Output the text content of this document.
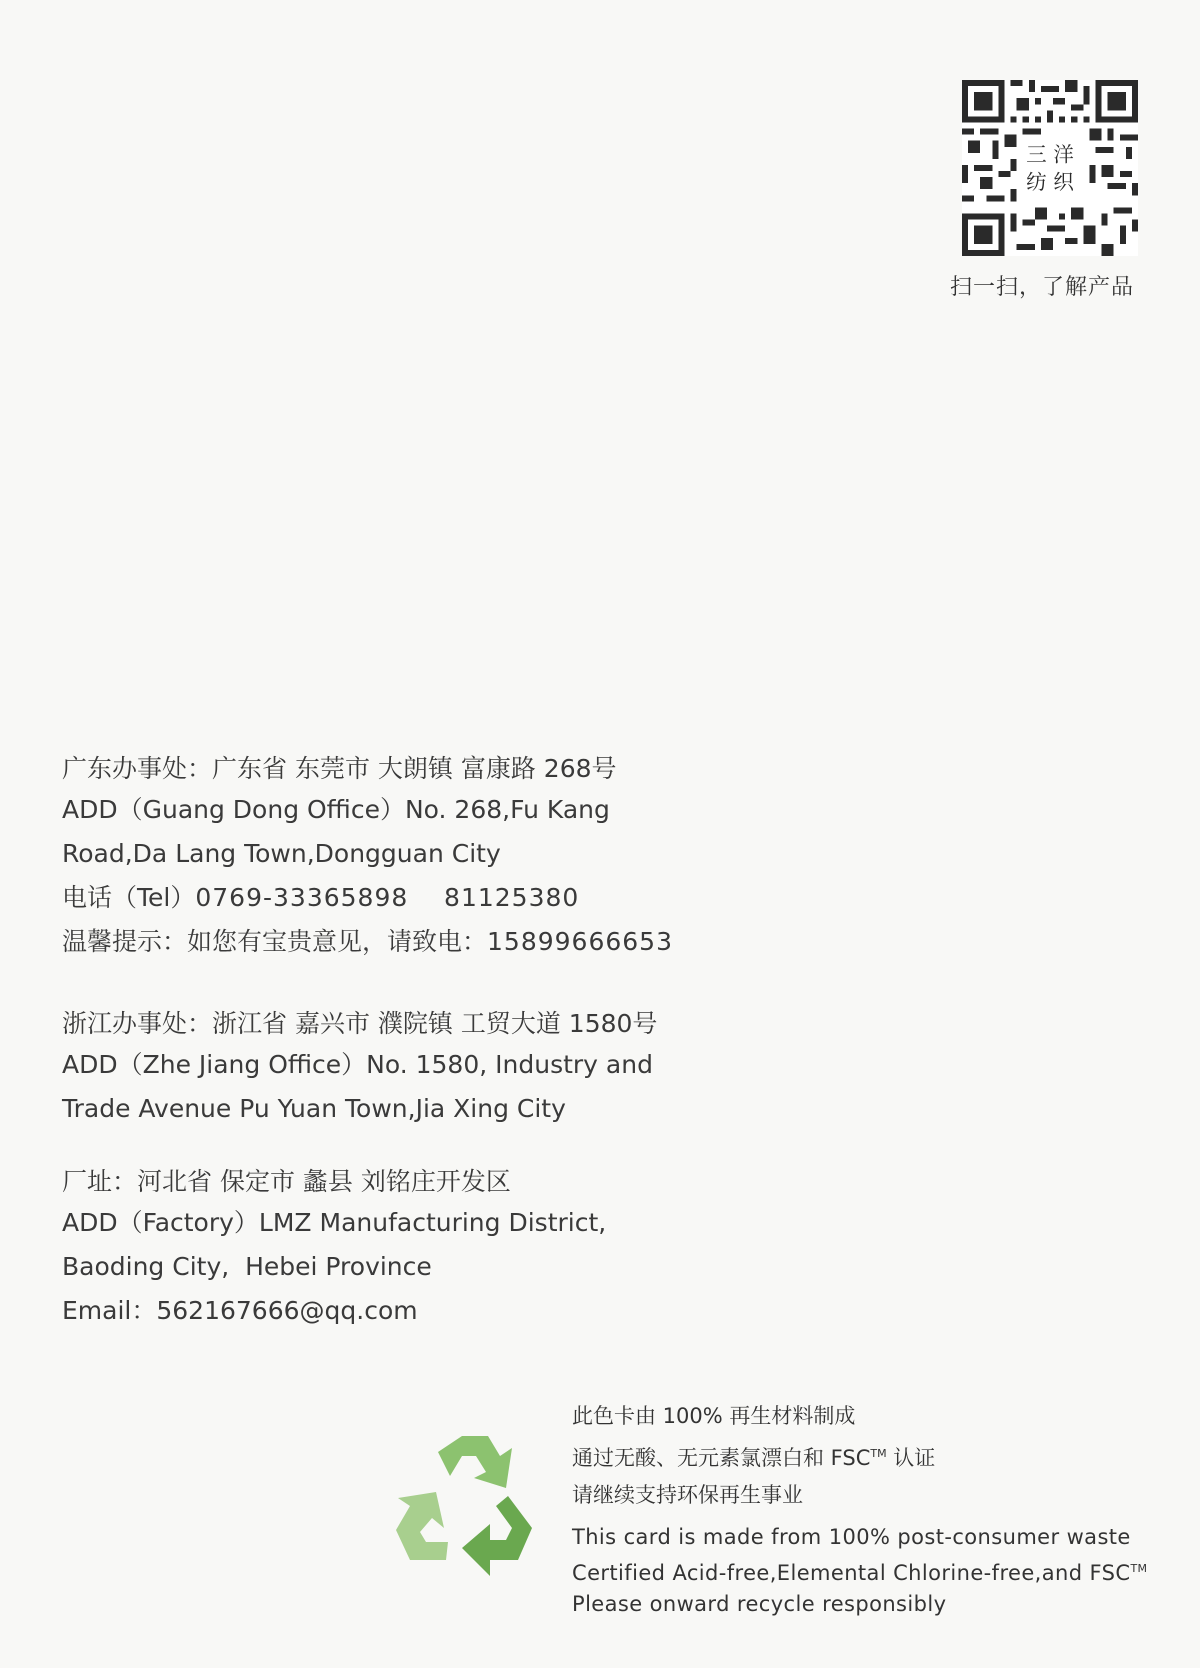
三 洋
纺 织
扫一扫，了解产品
广东办事处：广东省 东莞市 大朗镇 富康路 268号
ADD（Guang Dong Office）No. 268,Fu Kang
Road,Da Lang Town,Dongguan City
电话（Tel）0769-33365898    81125380
温馨提示：如您有宝贵意见，请致电：15899666653
浙江办事处：浙江省 嘉兴市 濮院镇 工贸大道 1580号
ADD（Zhe Jiang Office）No. 1580, Industry and
Trade Avenue Pu Yuan Town,Jia Xing City
厂址：河北省 保定市 蠡县 刘铭庄开发区
ADD（Factory）LMZ Manufacturing District,
Baoding City,  Hebei Province
Email：562167666@qq.com
此色卡由 100% 再生材料制成
通过无酸、无元素氯漂白和 FSC™ 认证
请继续支持环保再生事业
This card is made from 100% post-consumer waste
Certified Acid-free,Elemental Chlorine-free,and FSC™
Please onward recycle responsibly
